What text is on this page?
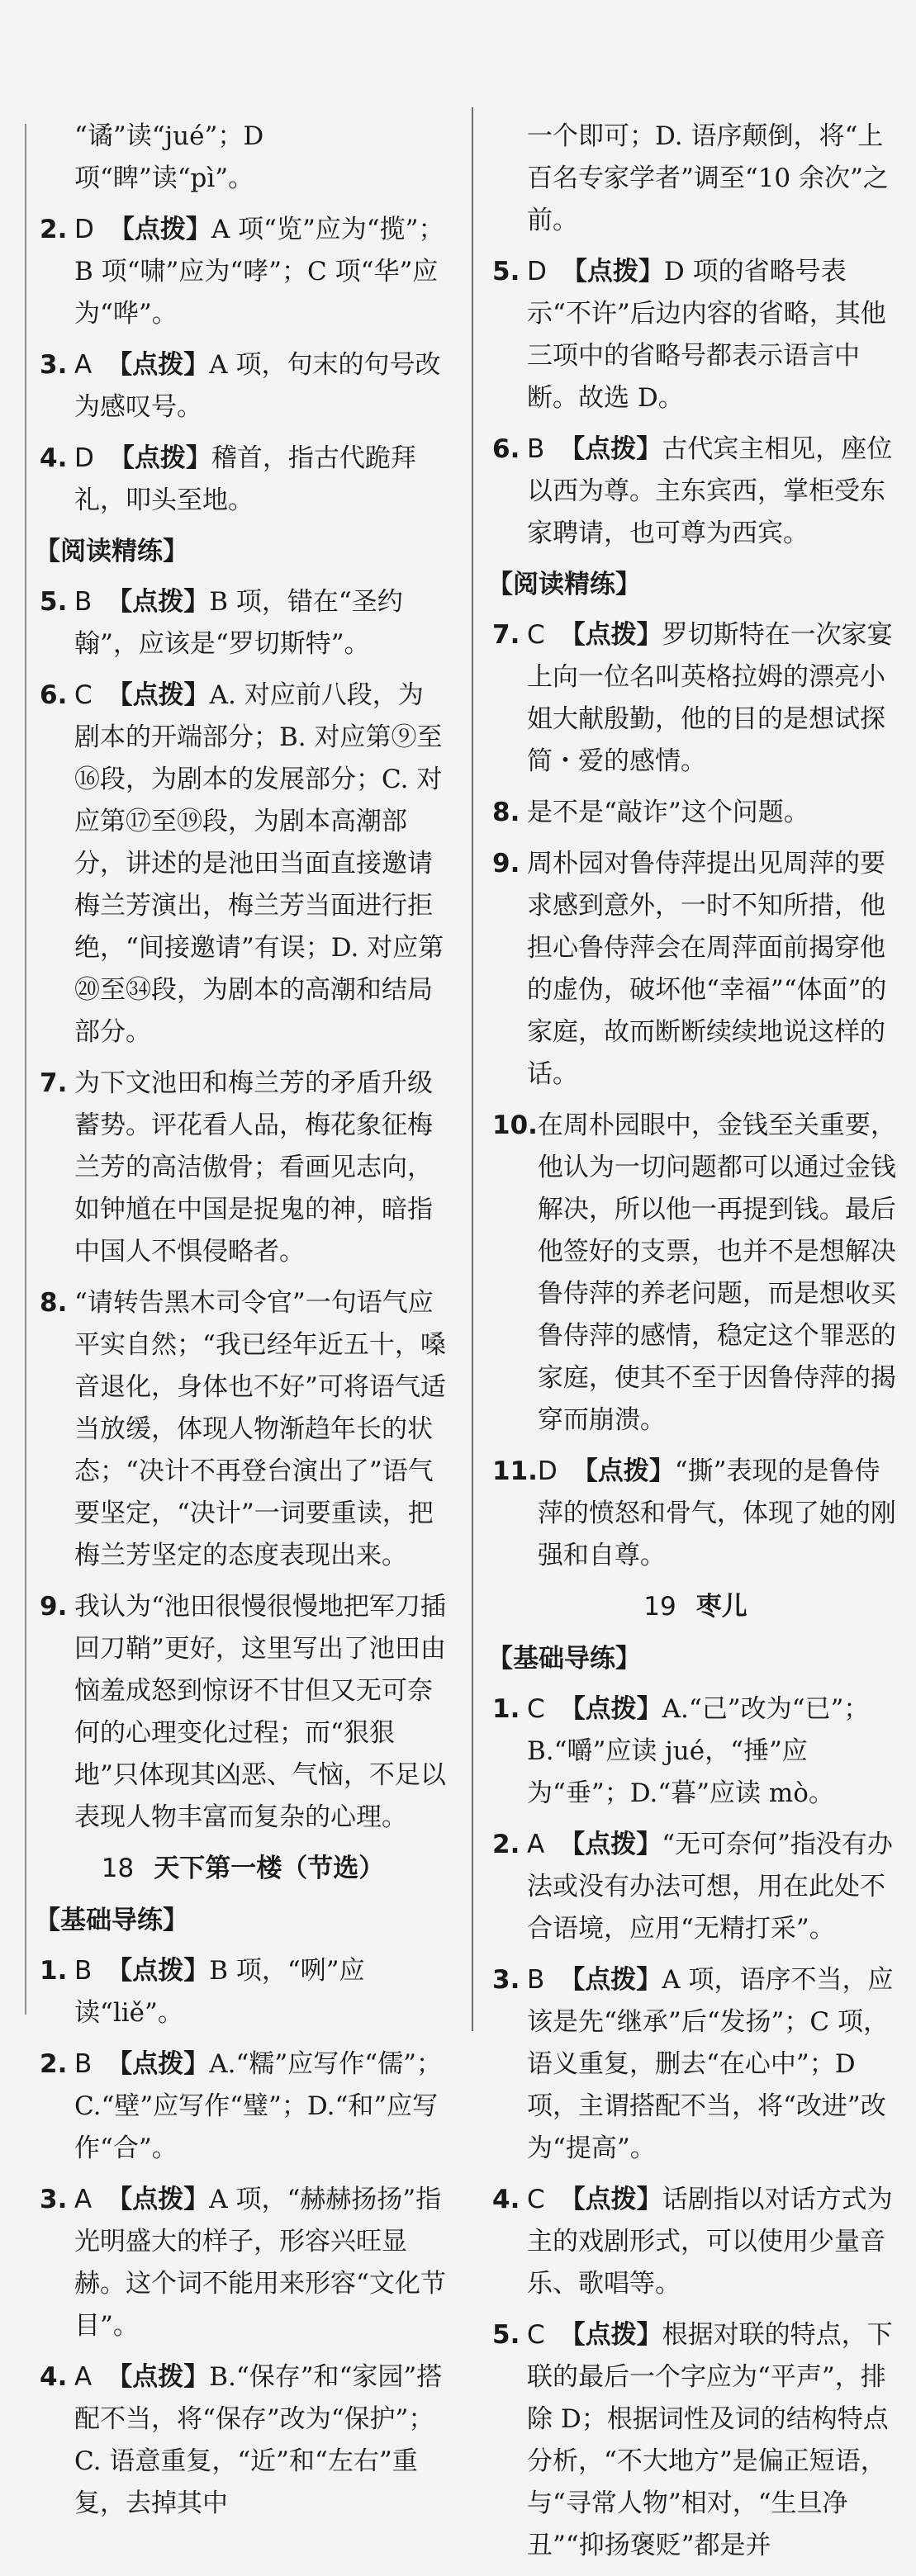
“谲”读“jué”；D 项“睥”读“pì”。
2. D 【点拨】A 项“览”应为“揽”；B 项“啸”应为“哮”；C 项“华”应为“哗”。
3. A 【点拨】A 项，句末的句号改为感叹号。
4. D 【点拨】稽首，指古代跪拜礼，叩头至地。
【阅读精练】
5. B 【点拨】B 项，错在“圣约翰”，应该是“罗切斯特”。
6. C 【点拨】A. 对应前八段，为剧本的开端部分；B. 对应第⑨至⑯段，为剧本的发展部分；C. 对应第⑰至⑲段，为剧本高潮部分，讲述的是池田当面直接邀请梅兰芳演出，梅兰芳当面进行拒绝，“间接邀请”有误；D. 对应第⑳至㉞段，为剧本的高潮和结局部分。
7. 为下文池田和梅兰芳的矛盾升级蓄势。评花看人品，梅花象征梅兰芳的高洁傲骨；看画见志向，如钟馗在中国是捉鬼的神，暗指中国人不惧侵略者。
8. “请转告黑木司令官”一句语气应平实自然；“我已经年近五十，嗓音退化，身体也不好”可将语气适当放缓，体现人物渐趋年长的状态；“决计不再登台演出了”语气要坚定，“决计”一词要重读，把梅兰芳坚定的态度表现出来。
9. 我认为“池田很慢很慢地把军刀插回刀鞘”更好，这里写出了池田由恼羞成怒到惊讶不甘但又无可奈何的心理变化过程；而“狠狠地”只体现其凶恶、气恼，不足以表现人物丰富而复杂的心理。
18 天下第一楼（节选）
【基础导练】
1. B 【点拨】B 项，“咧”应读“liě”。
2. B 【点拨】A.“糯”应写作“儒”；C.“壁”应写作“璧”；D.“和”应写作“合”。
3. A 【点拨】A 项，“赫赫扬扬”指光明盛大的样子，形容兴旺显赫。这个词不能用来形容“文化节目”。
4. A 【点拨】B.“保存”和“家园”搭配不当，将“保存”改为“保护”；C. 语意重复，“近”和“左右”重复，去掉其中
一个即可；D. 语序颠倒，将“上百名专家学者”调至“10 余次”之前。
5. D 【点拨】D 项的省略号表示“不许”后边内容的省略，其他三项中的省略号都表示语言中断。故选 D。
6. B 【点拨】古代宾主相见，座位以西为尊。主东宾西，掌柜受东家聘请，也可尊为西宾。
【阅读精练】
7. C 【点拨】罗切斯特在一次家宴上向一位名叫英格拉姆的漂亮小姐大献殷勤，他的目的是想试探简・爱的感情。
8. 是不是“敲诈”这个问题。
9. 周朴园对鲁侍萍提出见周萍的要求感到意外，一时不知所措，他担心鲁侍萍会在周萍面前揭穿他的虚伪，破坏他“幸福”“体面”的家庭，故而断断续续地说这样的话。
10. 在周朴园眼中，金钱至关重要，他认为一切问题都可以通过金钱解决，所以他一再提到钱。最后他签好的支票，也并不是想解决鲁侍萍的养老问题，而是想收买鲁侍萍的感情，稳定这个罪恶的家庭，使其不至于因鲁侍萍的揭穿而崩溃。
11. D 【点拨】“撕”表现的是鲁侍萍的愤怒和骨气，体现了她的刚强和自尊。
19 枣儿
【基础导练】
1. C 【点拨】A.“己”改为“已”；B.“嚼”应读 jué，“捶”应为“垂”；D.“暮”应读 mò。
2. A 【点拨】“无可奈何”指没有办法或没有办法可想，用在此处不合语境，应用“无精打采”。
3. B 【点拨】A 项，语序不当，应该是先“继承”后“发扬”；C 项，语义重复，删去“在心中”；D 项，主谓搭配不当，将“改进”改为“提高”。
4. C 【点拨】话剧指以对话方式为主的戏剧形式，可以使用少量音乐、歌唱等。
5. C 【点拨】根据对联的特点，下联的最后一个字应为“平声”，排除 D；根据词性及词的结构特点分析，“不大地方”是偏正短语，与“寻常人物”相对，“生旦净丑”“抑扬褒贬”都是并
